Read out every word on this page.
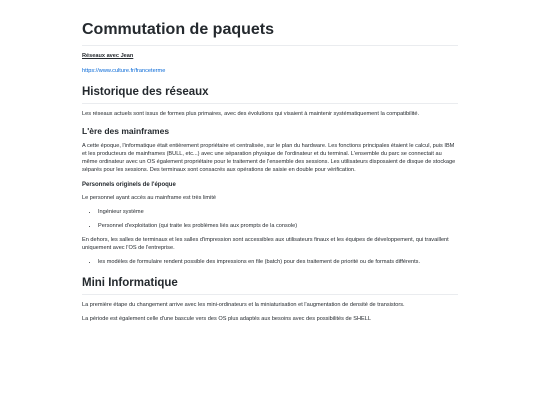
Commutation de paquets

Réseaux avec Jean

https://www.culture.fr/franceterme

Historique des réseaux

Les réseaux actuels sont issus de formes plus primaires, avec des évolutions qui visaient à maintenir systématiquement la compatibilité.

L'ère des mainframes

A cette époque, l'informatique était entièrement propriétaire et centralisée, sur le plan du hardware. Les fonctions principales étaient le calcul, puis IBM et les producteurs de mainframes (BULL, etc...) avec une séparation physique de l'ordinateur et du terminal. L'ensemble du parc se connectait au même ordinateur avec un OS également propriétaire pour le traitement de l'ensemble des sessions. Les utilisateurs disposaient de disque de stockage séparés pour les sessions. Des terminaux sont consacrés aux opérations de saisie en double pour vérification.

Personnels originels de l'époque

Le personnel ayant accès au mainframe est très limité

• Ingénieur système
• Personnel d'exploitation (qui traite les problèmes liés aux prompts de la console)

En dehors, les salles de terminaux et les salles d'impression sont accessibles aux utilisateurs finaux et les équipes de développement, qui travaillent uniquement avec l'OS de l'entreprise.

• les modèles de formulaire rendent possible des impressions en file (batch) pour des traitement de priorité ou de formats différents.
Mini Informatique

La première étape du changement arrive avec les mini-ordinateurs et la miniaturisation et l'augmentation de densité de transistors.

La période est également celle d'une bascule vers des OS plus adaptés aux besoins avec des possibilités de SHELL
